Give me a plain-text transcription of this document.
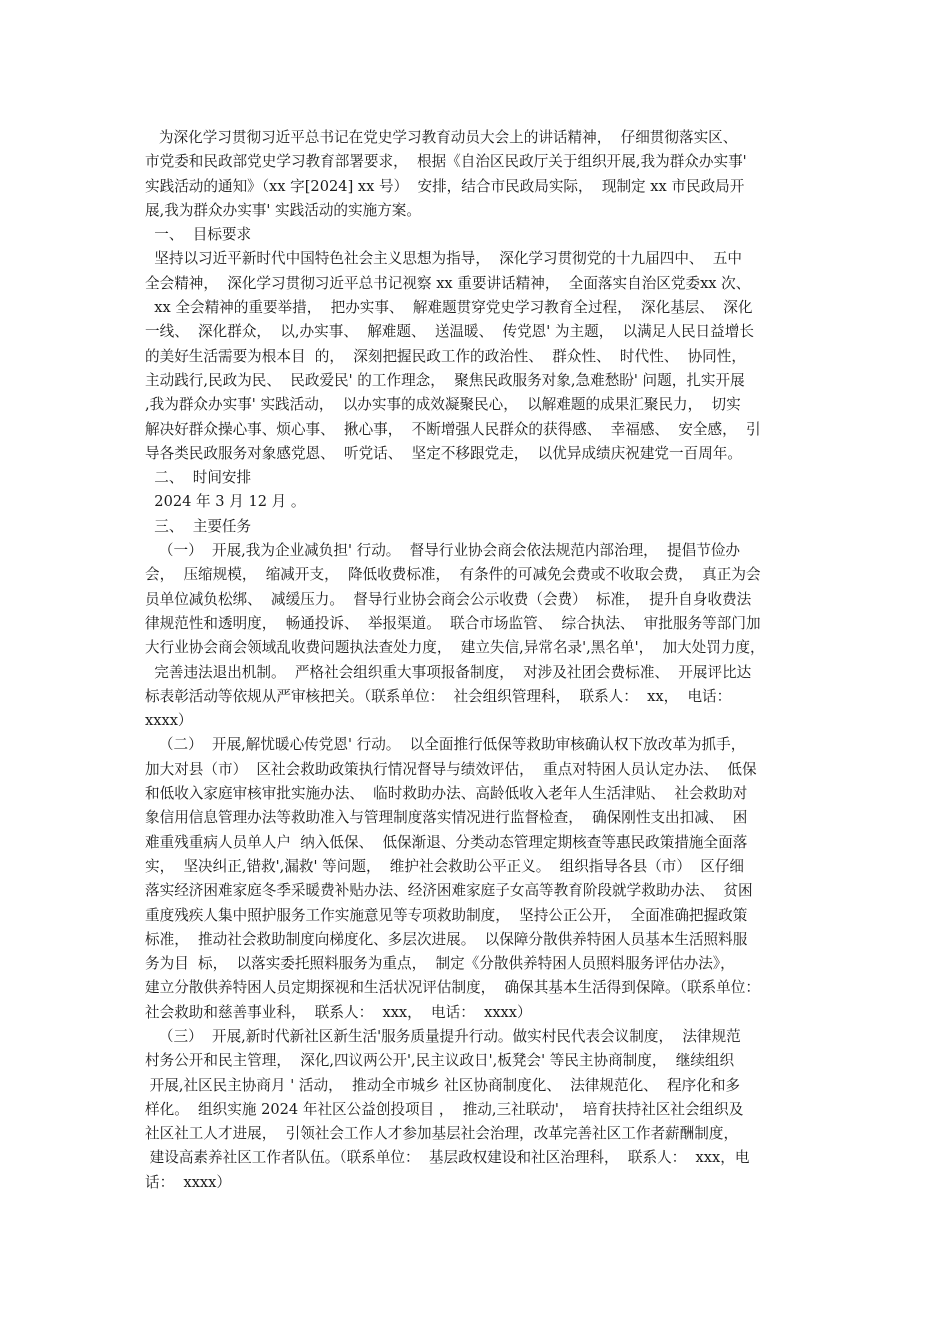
为深化学习贯彻习近平总书记在党史学习教育动员大会上的讲话精神，  仔细贯彻落实区、
市党委和民政部党史学习教育部署要求，  根据《自治区民政厅关于组织开展,我为群众办实事'
实践活动的通知》（xx 字[2024] xx 号）  安排，结合市民政局实际，  现制定 xx 市民政局开
展,我为群众办实事' 实践活动的实施方案。
一、  目标要求
坚持以习近平新时代中国特色社会主义思想为指导，  深化学习贯彻党的十九届四中、  五中
全会精神，  深化学习贯彻习近平总书记视察 xx 重要讲话精神，  全面落实自治区党委xx 次、
xx 全会精神的重要举措，  把办实事、  解难题贯穿党史学习教育全过程，  深化基层、  深化
一线、  深化群众，  以,办实事、  解难题、  送温暖、  传党恩' 为主题，  以满足人民日益增长
的美好生活需要为根本目  的，  深刻把握民政工作的政治性、  群众性、  时代性、  协同性，
主动践行,民政为民、  民政爱民' 的工作理念，  聚焦民政服务对象,急难愁盼' 问题，扎实开展
,我为群众办实事' 实践活动，  以办实事的成效凝聚民心，  以解难题的成果汇聚民力，  切实
解决好群众操心事、烦心事、  揪心事，  不断增强人民群众的获得感、  幸福感、  安全感，  引
导各类民政服务对象感党恩、  听党话、  坚定不移跟党走，  以优异成绩庆祝建党一百周年。
二、  时间安排
2024 年 3 月 12 月 。
三、  主要任务
（一）  开展,我为企业减负担' 行动。  督导行业协会商会依法规范内部治理，  提倡节俭办
会，  压缩规模，  缩减开支，  降低收费标准，  有条件的可减免会费或不收取会费，  真正为会
员单位减负松绑、  减缓压力。  督导行业协会商会公示收费（会费）  标准，  提升自身收费法
律规范性和透明度，  畅通投诉、  举报渠道。  联合市场监管、  综合执法、  审批服务等部门加
大行业协会商会领域乱收费问题执法查处力度，  建立失信,异常名录',黑名单'，  加大处罚力度，
完善违法退出机制。  严格社会组织重大事项报备制度，  对涉及社团会费标准、  开展评比达
标表彰活动等依规从严审核把关。（联系单位：  社会组织管理科，  联系人：  xx，  电话：
xxxx）
（二）  开展,解忧暖心传党恩' 行动。  以全面推行低保等救助审核确认权下放改革为抓手，
加大对县（市）  区社会救助政策执行情况督导与绩效评估，  重点对特困人员认定办法、  低保
和低收入家庭审核审批实施办法、  临时救助办法、高龄低收入老年人生活津贴、  社会救助对
象信用信息管理办法等救助准入与管理制度落实情况进行监督检查，  确保刚性支出扣减、  困
难重残重病人员单人户  纳入低保、  低保渐退、分类动态管理定期核查等惠民政策措施全面落
实，  坚决纠正,错救',漏救' 等问题，  维护社会救助公平正义。  组织指导各县（市）  区仔细
落实经济困难家庭冬季采暖费补贴办法、经济困难家庭子女高等教育阶段就学救助办法、  贫困
重度残疾人集中照护服务工作实施意见等专项救助制度，  坚持公正公开，  全面准确把握政策
标准，  推动社会救助制度向梯度化、多层次进展。  以保障分散供养特困人员基本生活照料服
务为目  标，  以落实委托照料服务为重点，  制定《分散供养特困人员照料服务评估办法》，
建立分散供养特困人员定期探视和生活状况评估制度，  确保其基本生活得到保障。（联系单位：
社会救助和慈善事业科，  联系人：  xxx，  电话：  xxxx）
（三）  开展,新时代新社区新生活'服务质量提升行动。做实村民代表会议制度，  法律规范
村务公开和民主管理，  深化,四议两公开',民主议政日',板凳会' 等民主协商制度，  继续组织
开展,社区民主协商月 ' 活动，  推动全市城乡 社区协商制度化、  法律规范化、  程序化和多
样化。  组织实施 2024 年社区公益创投项目 ，  推动,三社联动'，  培育扶持社区社会组织及
社区社工人才进展，  引领社会工作人才参加基层社会治理，改革完善社区工作者薪酬制度，
建设高素养社区工作者队伍。（联系单位：  基层政权建设和社区治理科，  联系人：  xxx，电
话：  xxxx）
